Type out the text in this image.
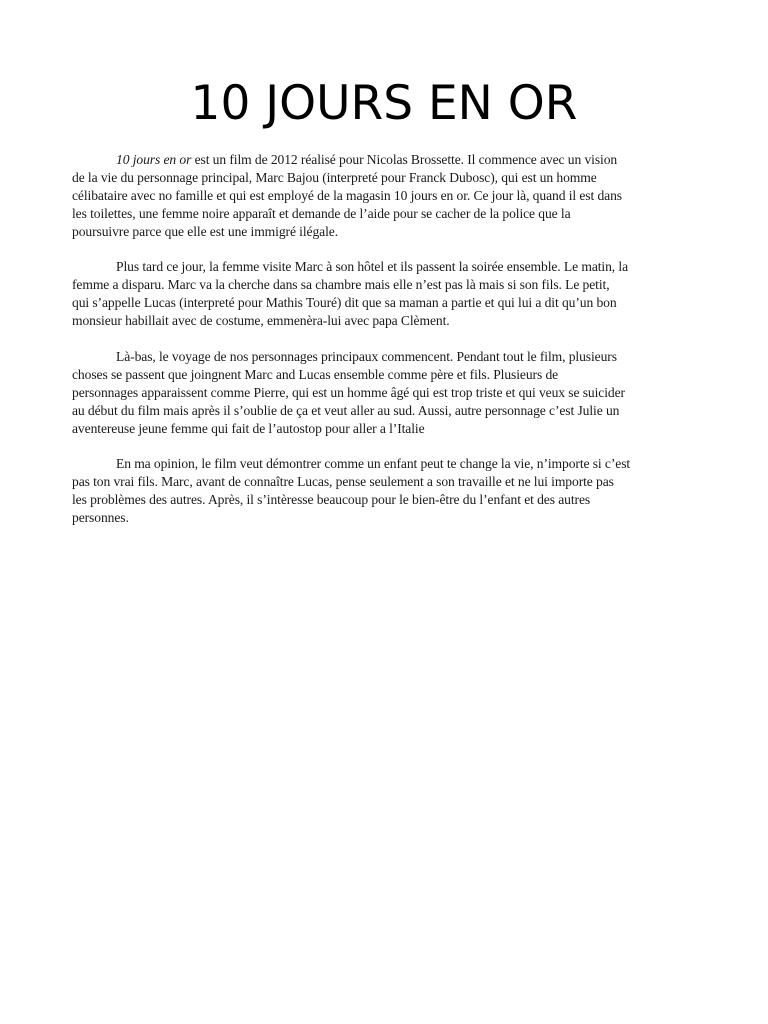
10 JOURS EN OR
10 jours en or est un film de 2012 réalisé pour Nicolas Brossette. Il commence avec un vision
de la vie du personnage principal, Marc Bajou (interpreté pour Franck Dubosc), qui est un homme
célibataire avec no famille et qui est employé de la magasin 10 jours en or. Ce jour là, quand il est dans
les toilettes, une femme noire apparaît et demande de l’aide pour se cacher de la police que la
poursuivre parce que elle est une immigré ilégale.
Plus tard ce jour, la femme visite Marc à son hôtel et ils passent la soirée ensemble. Le matin, la
femme a disparu. Marc va la cherche dans sa chambre mais elle n’est pas là mais si son fils. Le petit,
qui s’appelle Lucas (interpreté pour Mathis Touré) dit que sa maman a partie et qui lui a dit qu’un bon
monsieur habillait avec de costume, emmenèra-lui avec papa Clèment.
Là-bas, le voyage de nos personnages principaux commencent. Pendant tout le film, plusieurs
choses se passent que joingnent Marc and Lucas ensemble comme père et fils. Plusieurs de
personnages apparaissent comme Pierre, qui est un homme âgé qui est trop triste et qui veux se suicider
au début du film mais après il s’oublie de ça et veut aller au sud. Aussi, autre personnage c’est Julie un
aventereuse jeune femme qui fait de l’autostop pour aller a l’Italie
En ma opinion, le film veut démontrer comme un enfant peut te change la vie, n’importe si c’est
pas ton vrai fils. Marc, avant de connaître Lucas, pense seulement a son travaille et ne lui importe pas
les problèmes des autres. Après, il s’intèresse beaucoup pour le bien-être du l’enfant et des autres
personnes.
